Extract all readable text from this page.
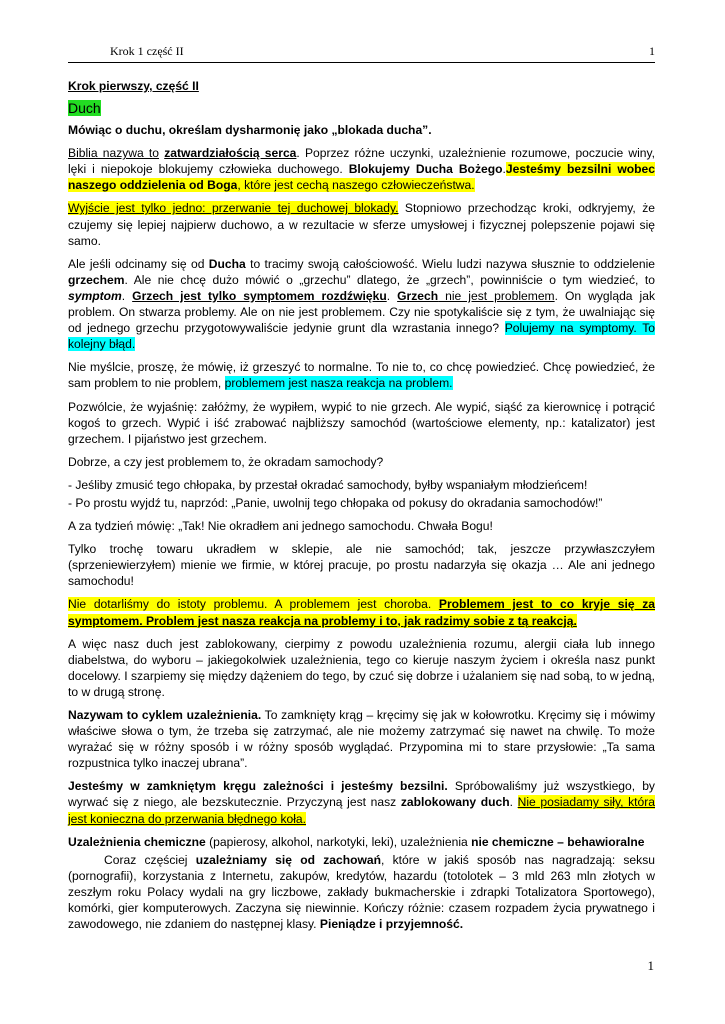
Krok 1 część II	1

Krok pierwszy, część II

Duch

Mówiąc o duchu, określam dysharmonię jako „blokada ducha”.

Biblia nazywa to zatwardziałością serca. Poprzez różne uczynki, uzależnienie rozumowe, poczucie winy, lęki i niepokoje blokujemy człowieka duchowego. Blokujemy Ducha Bożego.Jesteśmy bezsilni wobec naszego oddzielenia od Boga, które jest cechą naszego człowieczeństwa.

Wyjście jest tylko jedno: przerwanie tej duchowej blokady. Stopniowo przechodząc kroki, odkryjemy, że czujemy się lepiej najpierw duchowo, a w rezultacie w sferze umysłowej i fizycznej polepszenie pojawi się samo.

Ale jeśli odcinamy się od Ducha to tracimy swoją całościowość. Wielu ludzi nazywa słusznie to oddzielenie grzechem. Ale nie chcę dużo mówić o „grzechu” dlatego, że „grzech”, powinniście o tym wiedzieć, to symptom. Grzech jest tylko symptomem rozdźwięku. Grzech nie jest problemem. On wygląda jak problem. On stwarza problemy. Ale on nie jest problemem. Czy nie spotykaliście się z tym, że uwalniając się od jednego grzechu przygotowywaliście jedynie grunt dla wzrastania innego? Polujemy na symptomy. To kolejny błąd.

Nie myślcie, proszę, że mówię, iż grzeszyć to normalne. To nie to, co chcę powiedzieć. Chcę powiedzieć, że sam problem to nie problem, problemem jest nasza reakcja na problem.

Pozwólcie, że wyjaśnię: załóżmy, że wypiłem, wypić to nie grzech. Ale wypić, siąść za kierownicę i potrącić kogoś to grzech. Wypić i iść zrabować najbliższy samochód (wartościowe elementy, np.: katalizator) jest grzechem. I pijaństwo jest grzechem.

Dobrze, a czy jest problemem to, że okradam samochody?

- Jeśliby zmusić tego chłopaka, by przestał okradać samochody, byłby wspaniałym młodzieńcem!

- Po prostu wyjdź tu, naprzód: „Panie, uwolnij tego chłopaka od pokusy do okradania samochodów!”

A za tydzień mówię: „Tak! Nie okradłem ani jednego samochodu. Chwała Bogu!

Tylko trochę towaru ukradłem w sklepie, ale nie samochód; tak, jeszcze przywłaszczyłem (sprzeniewierzyłem) mienie we firmie, w której pracuje, po prostu nadarzyła się okazja … Ale ani jednego samochodu!

Nie dotarliśmy do istoty problemu. A problemem jest choroba. Problemem jest to co kryje się za symptomem. Problem jest nasza reakcja na problemy i to, jak radzimy sobie z tą reakcją.

A więc nasz duch jest zablokowany, cierpimy z powodu uzależnienia rozumu, alergii ciała lub innego diabelstwa, do wyboru – jakiegokolwiek uzależnienia, tego co kieruje naszym życiem i określa nasz punkt docelowy. I szarpiemy się między dążeniem do tego, by czuć się dobrze i użalaniem się nad sobą, to w jedną, to w drugą stronę.

Nazywam to cyklem uzależnienia. To zamknięty krąg – kręcimy się jak w kołowrotku. Kręcimy się i mówimy właściwe słowa o tym, że trzeba się zatrzymać, ale nie możemy zatrzymać się nawet na chwilę. To może wyrażać się w różny sposób i w różny sposób wyglądać. Przypomina mi to stare przysłowie: „Ta sama rozpustnica tylko inaczej ubrana”.

Jesteśmy w zamkniętym kręgu zależności i jesteśmy bezsilni. Spróbowaliśmy już wszystkiego, by wyrwać się z niego, ale bezskutecznie. Przyczyną jest nasz zablokowany duch. Nie posiadamy siły, która jest konieczna do przerwania błędnego koła.

Uzależnienia chemiczne (papierosy, alkohol, narkotyki, leki), uzależnienia nie chemiczne – behawioralne

Coraz częściej uzależniamy się od zachowań, które w jakiś sposób nas nagradzają: seksu (pornografii), korzystania z Internetu, zakupów, kredytów, hazardu (totolotek – 3 mld 263 mln złotych w zeszłym roku Polacy wydali na gry liczbowe, zakłady bukmacherskie i zdrapki Totalizatora Sportowego), komórki, gier komputerowych. Zaczyna się niewinnie. Kończy różnie: czasem rozpadem życia prywatnego i zawodowego, nie zdaniem do następnej klasy. Pieniądze i przyjemność.

1
